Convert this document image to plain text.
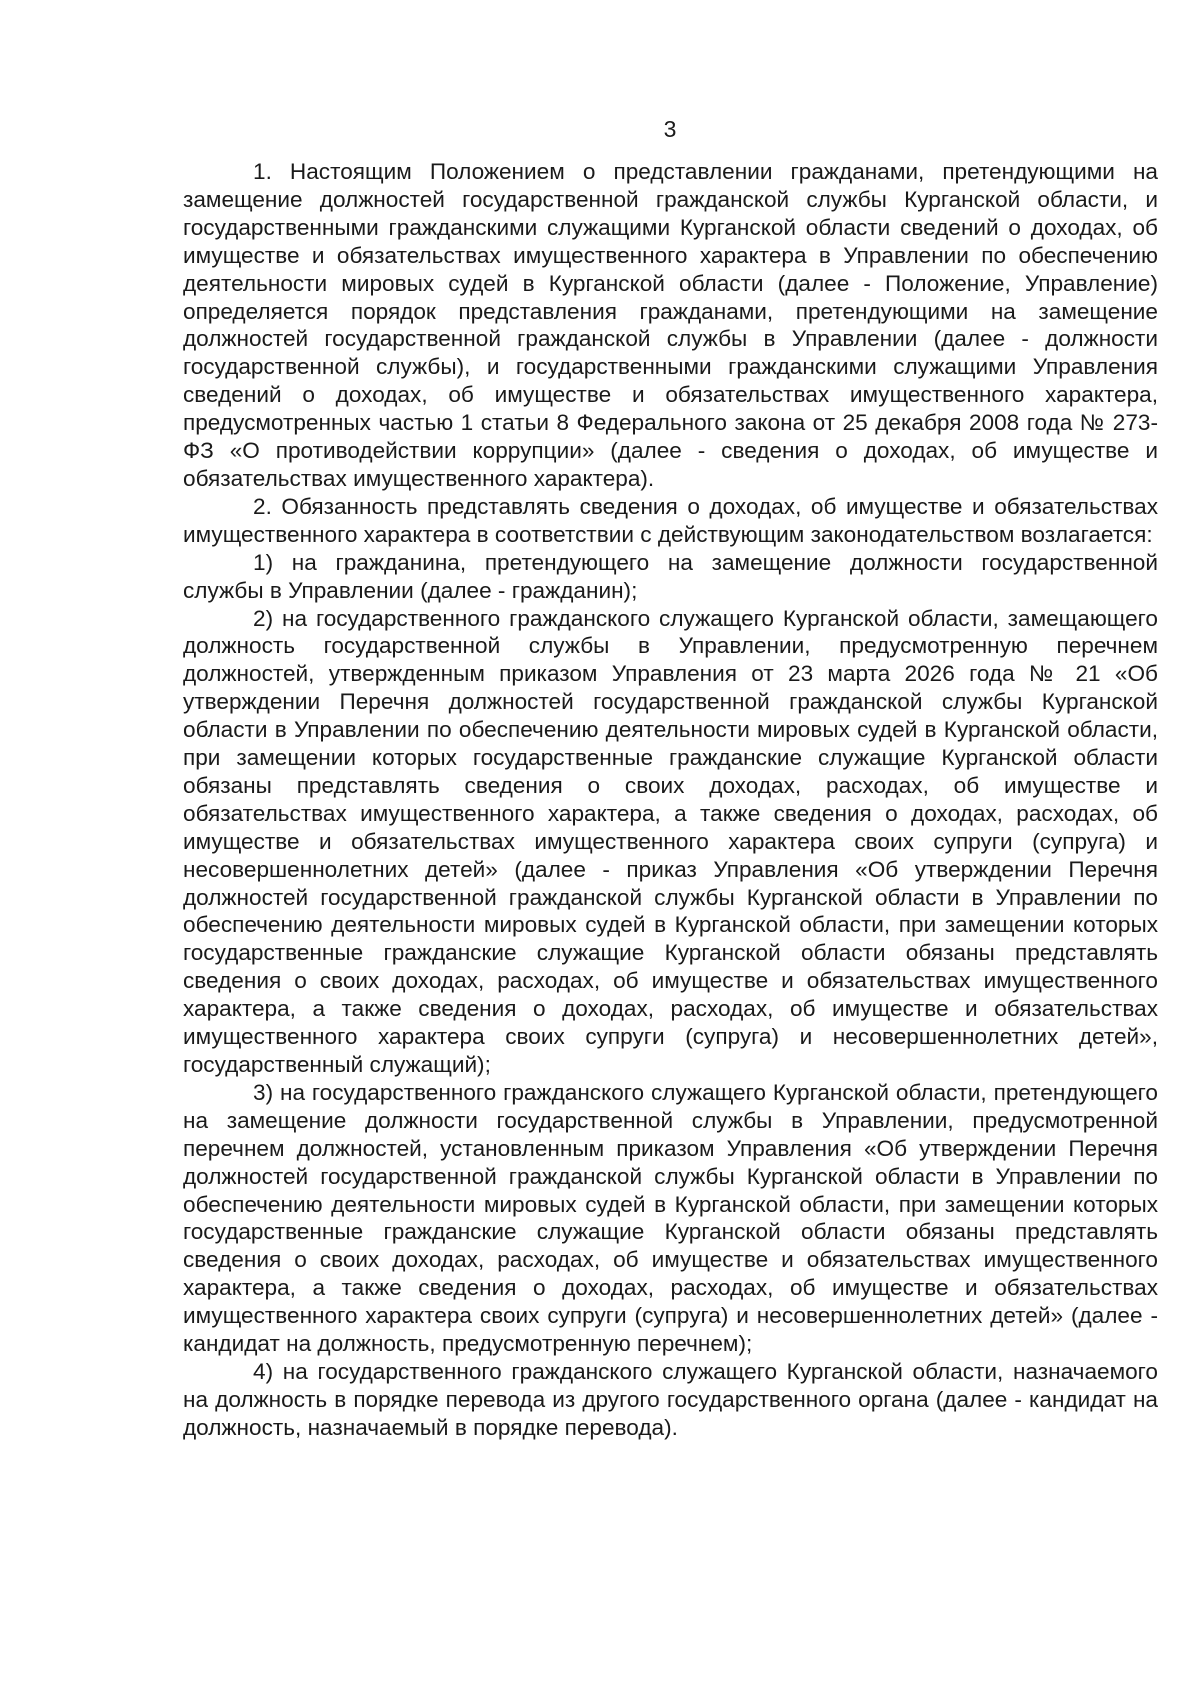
3

1. Настоящим Положением о представлении гражданами, претендующими на замещение должностей государственной гражданской службы Курганской области, и государственными гражданскими служащими Курганской области сведений о доходах, об имуществе и обязательствах имущественного характера в Управлении по обеспечению деятельности мировых судей в Курганской области (далее - Положение, Управление) определяется порядок представления гражданами, претендующими на замещение должностей государственной гражданской службы в Управлении (далее - должности государственной службы), и государственными гражданскими служащими Управления сведений о доходах, об имуществе и обязательствах имущественного характера, предусмотренных частью 1 статьи 8 Федерального закона от 25 декабря 2008 года № 273-ФЗ «О противодействии коррупции» (далее - сведения о доходах, об имуществе и обязательствах имущественного характера).

2. Обязанность представлять сведения о доходах, об имуществе и обязательствах имущественного характера в соответствии с действующим законодательством возлагается:

1) на гражданина, претендующего на замещение должности государственной службы в Управлении (далее - гражданин);

2) на государственного гражданского служащего Курганской области, замещающего должность государственной службы в Управлении, предусмотренную перечнем должностей, утвержденным приказом Управления от 23 марта 2026 года № 21 «Об утверждении Перечня должностей государственной гражданской службы Курганской области в Управлении по обеспечению деятельности мировых судей в Курганской области, при замещении которых государственные гражданские служащие Курганской области обязаны представлять сведения о своих доходах, расходах, об имуществе и обязательствах имущественного характера, а также сведения о доходах, расходах, об имуществе и обязательствах имущественного характера своих супруги (супруга) и несовершеннолетних детей» (далее - приказ Управления «Об утверждении Перечня должностей государственной гражданской службы Курганской области в Управлении по обеспечению деятельности мировых судей в Курганской области, при замещении которых государственные гражданские служащие Курганской области обязаны представлять сведения о своих доходах, расходах, об имуществе и обязательствах имущественного характера, а также сведения о доходах, расходах, об имуществе и обязательствах имущественного характера своих супруги (супруга) и несовершеннолетних детей», государственный служащий);

3) на государственного гражданского служащего Курганской области, претендующего на замещение должности государственной службы в Управлении, предусмотренной перечнем должностей, установленным приказом Управления «Об утверждении Перечня должностей государственной гражданской службы Курганской области в Управлении по обеспечению деятельности мировых судей в Курганской области, при замещении которых государственные гражданские служащие Курганской области обязаны представлять сведения о своих доходах, расходах, об имуществе и обязательствах имущественного характера, а также сведения о доходах, расходах, об имуществе и обязательствах имущественного характера своих супруги (супруга) и несовершеннолетних детей» (далее - кандидат на должность, предусмотренную перечнем);

4) на государственного гражданского служащего Курганской области, назначаемого на должность в порядке перевода из другого государственного органа (далее - кандидат на должность, назначаемый в порядке перевода).
